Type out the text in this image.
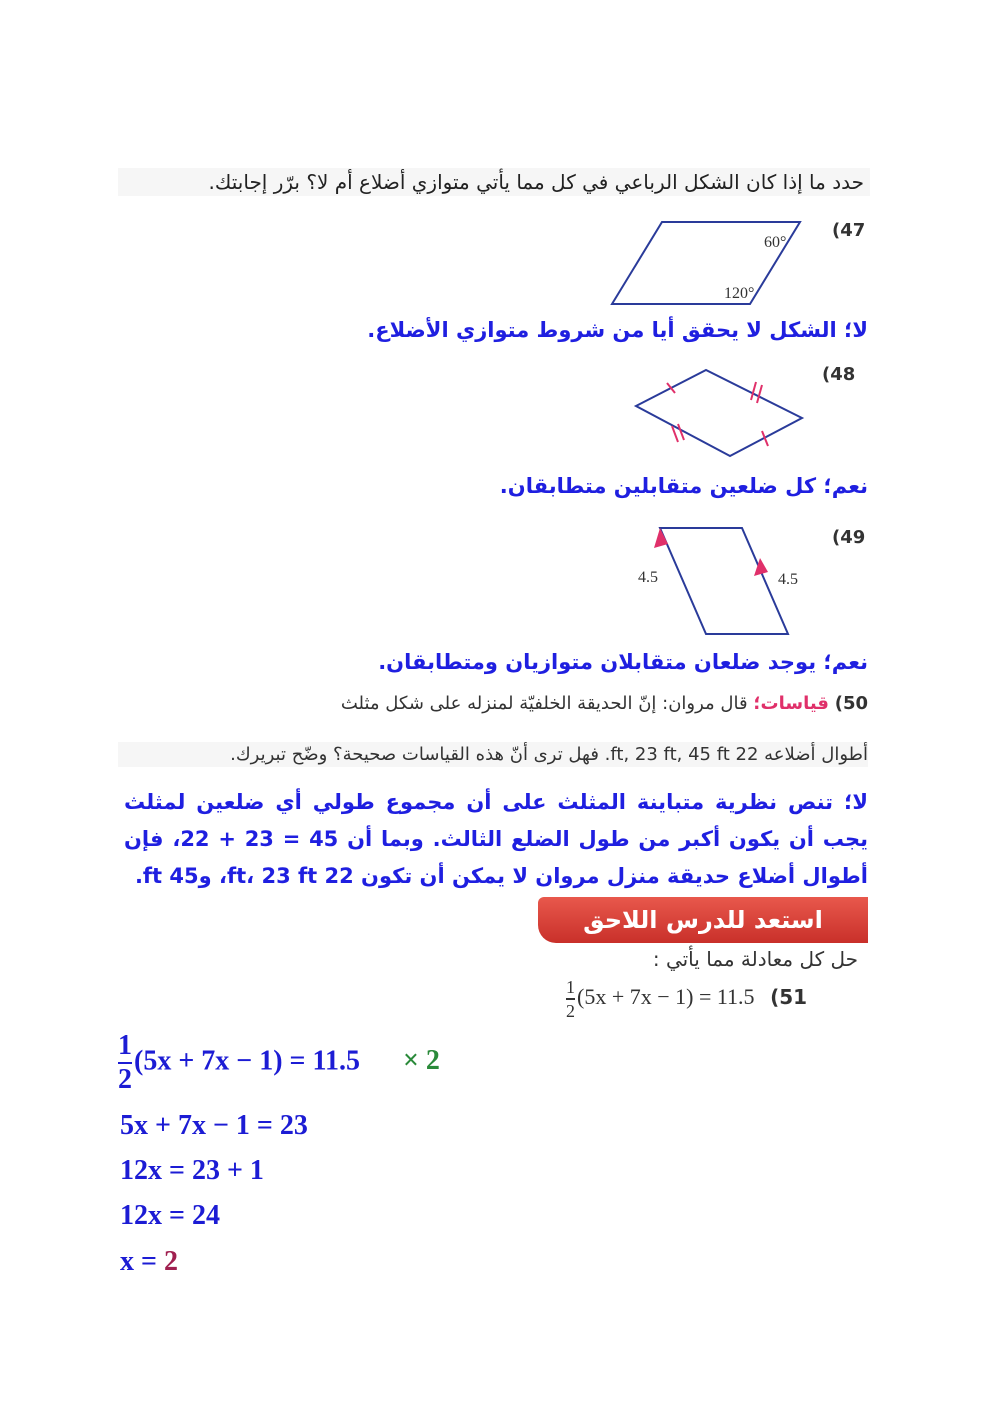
حدد ما إذا كان الشكل الرباعي في كل مما يأتي متوازي أضلاع أم لا؟ برّر إجابتك.
(47
60°
120°
لا؛ الشكل لا يحقق أيا من شروط متوازي الأضلاع.
(48
نعم؛ كل ضلعين متقابلين متطابقان.
(49
4.5	4.5
نعم؛ يوجد ضلعان متقابلان متوازيان ومتطابقان.
50) قياسات؛ قال مروان: إنّ الحديقة الخلفيّة لمنزله على شكل مثلث
أطوال أضلاعه 22 ft, 23 ft, 45 ft. فهل ترى أنّ هذه القياسات صحيحة؟ وضّح تبريرك.
لا؛ تنص نظرية متباينة المثلث على أن مجموع طولي أي ضلعين لمثلث يجب أن يكون أكبر من طول الضلع الثالث. وبما أن 45 = 23 + 22، فإن أطوال أضلاع حديقة منزل مروان لا يمكن أن تكون 22 ft، 23 ft، و45 ft.
استعد للدرس اللاحق
حل كل معادلة مما يأتي :
$\frac{1}{2} (5x + 7x - 1) = 11.5$ (51
$\frac{1}{2} (5x + 7x - 1) = 11.5 \times 2$
5x + 7x − 1 = 23
12x = 23 + 1
12x = 24
x = 2
